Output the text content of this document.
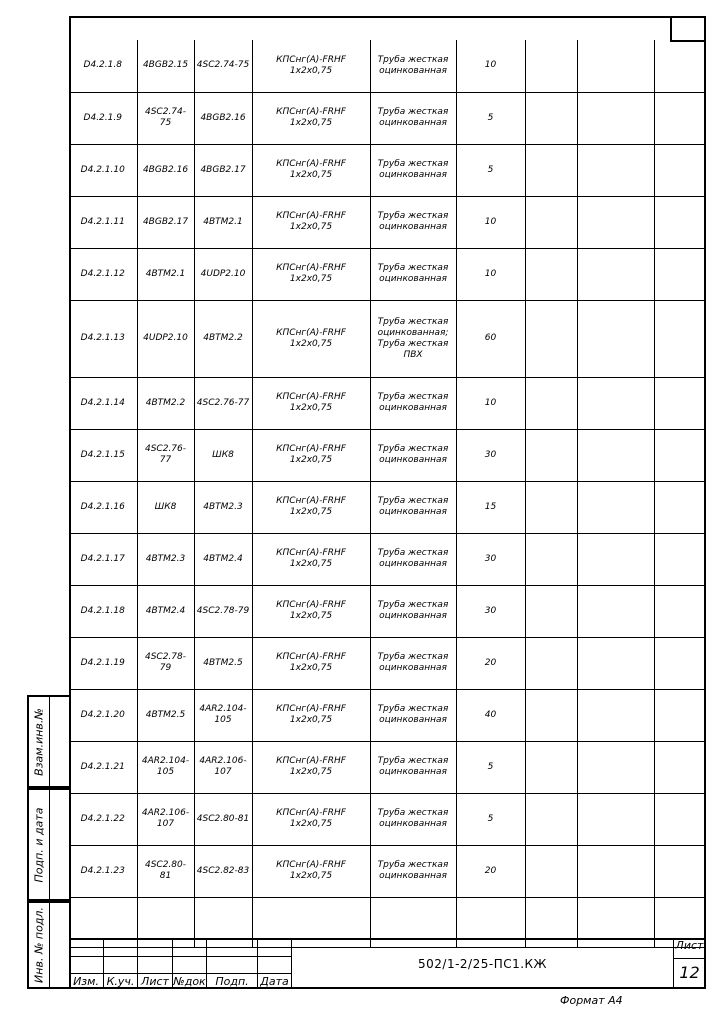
D4.2.1.8	4BGB2.15	4SC2.74-75	КПСнг(А)-FRHF 1x2x0,75	Труба жесткая оцинкованная	10			
D4.2.1.9	4SC2.74-75	4BGB2.16	КПСнг(А)-FRHF 1x2x0,75	Труба жесткая оцинкованная	5			
D4.2.1.10	4BGB2.16	4BGB2.17	КПСнг(А)-FRHF 1x2x0,75	Труба жесткая оцинкованная	5			
D4.2.1.11	4BGB2.17	4BTM2.1	КПСнг(А)-FRHF 1x2x0,75	Труба жесткая оцинкованная	10			
D4.2.1.12	4BTM2.1	4UDP2.10	КПСнг(А)-FRHF 1x2x0,75	Труба жесткая оцинкованная	10			
D4.2.1.13	4UDP2.10	4BTM2.2	КПСнг(А)-FRHF 1x2x0,75	Труба жесткая оцинкованная; Труба жесткая ПВХ	60			
D4.2.1.14	4BTM2.2	4SC2.76-77	КПСнг(А)-FRHF 1x2x0,75	Труба жесткая оцинкованная	10			
D4.2.1.15	4SC2.76-77	ШК8	КПСнг(А)-FRHF 1x2x0,75	Труба жесткая оцинкованная	30			
D4.2.1.16	ШК8	4BTM2.3	КПСнг(А)-FRHF 1x2x0,75	Труба жесткая оцинкованная	15			
D4.2.1.17	4BTM2.3	4BTM2.4	КПСнг(А)-FRHF 1x2x0,75	Труба жесткая оцинкованная	30			
D4.2.1.18	4BTM2.4	4SC2.78-79	КПСнг(А)-FRHF 1x2x0,75	Труба жесткая оцинкованная	30			
D4.2.1.19	4SC2.78-79	4BTM2.5	КПСнг(А)-FRHF 1x2x0,75	Труба жесткая оцинкованная	20			
D4.2.1.20	4BTM2.5	4AR2.104-105	КПСнг(А)-FRHF 1x2x0,75	Труба жесткая оцинкованная	40			
D4.2.1.21	4AR2.104-105	4AR2.106-107	КПСнг(А)-FRHF 1x2x0,75	Труба жесткая оцинкованная	5			
D4.2.1.22	4AR2.106-107	4SC2.80-81	КПСнг(А)-FRHF 1x2x0,75	Труба жесткая оцинкованная	5			
D4.2.1.23	4SC2.80-81	4SC2.82-83	КПСнг(А)-FRHF 1x2x0,75	Труба жесткая оцинкованная	20			

Взам.инв.№
Подп. и дата
Инв. № подл.	Изм. К.уч. Лист №док Подп.	Дата
502/1-2/25-ПС1.КЖ
Лист
12
Формат А4
